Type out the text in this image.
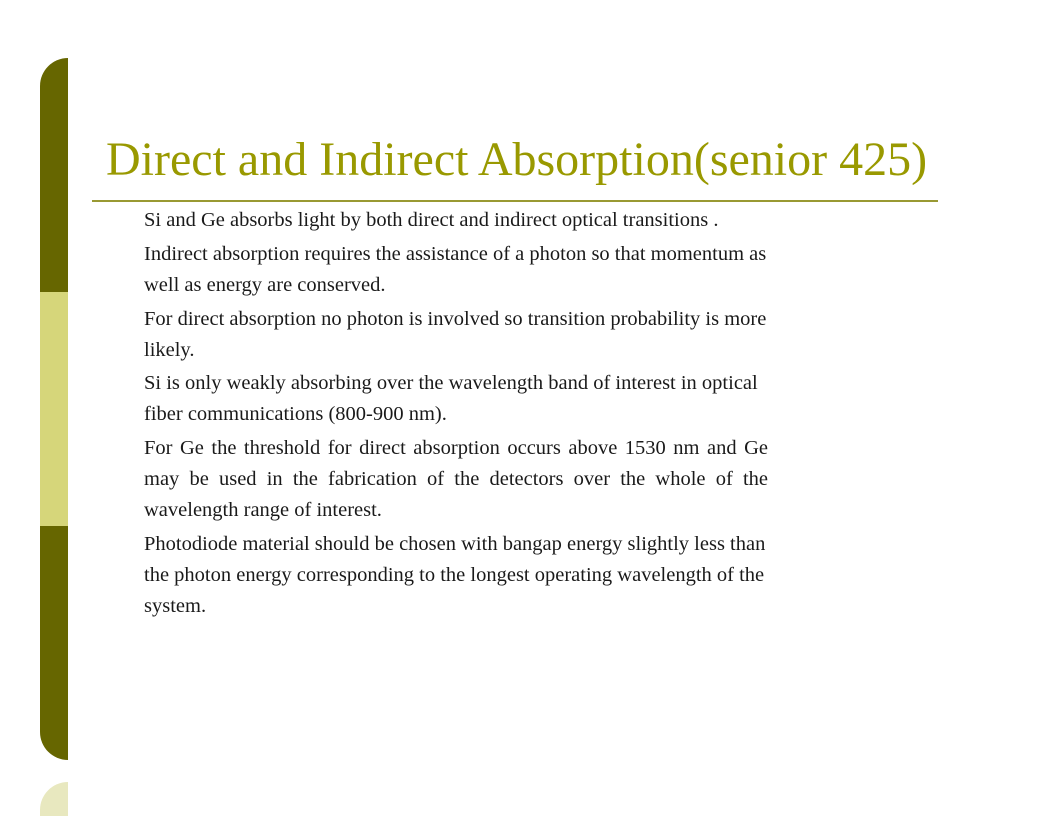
Direct and Indirect Absorption(senior 425)
Si and Ge absorbs light by both direct and indirect optical transitions .
Indirect absorption requires the assistance of a photon so that momentum as well as energy are conserved.
For direct absorption no photon is involved so transition probability is more likely.
Si is only weakly absorbing over the wavelength band of interest in optical fiber communications (800-900 nm).
For Ge the threshold for direct absorption occurs above 1530 nm and Ge may be used in the fabrication of the detectors over the whole of the wavelength range of interest.
Photodiode material should be chosen with bangap energy slightly less than the photon energy corresponding to the longest operating wavelength of the system.
